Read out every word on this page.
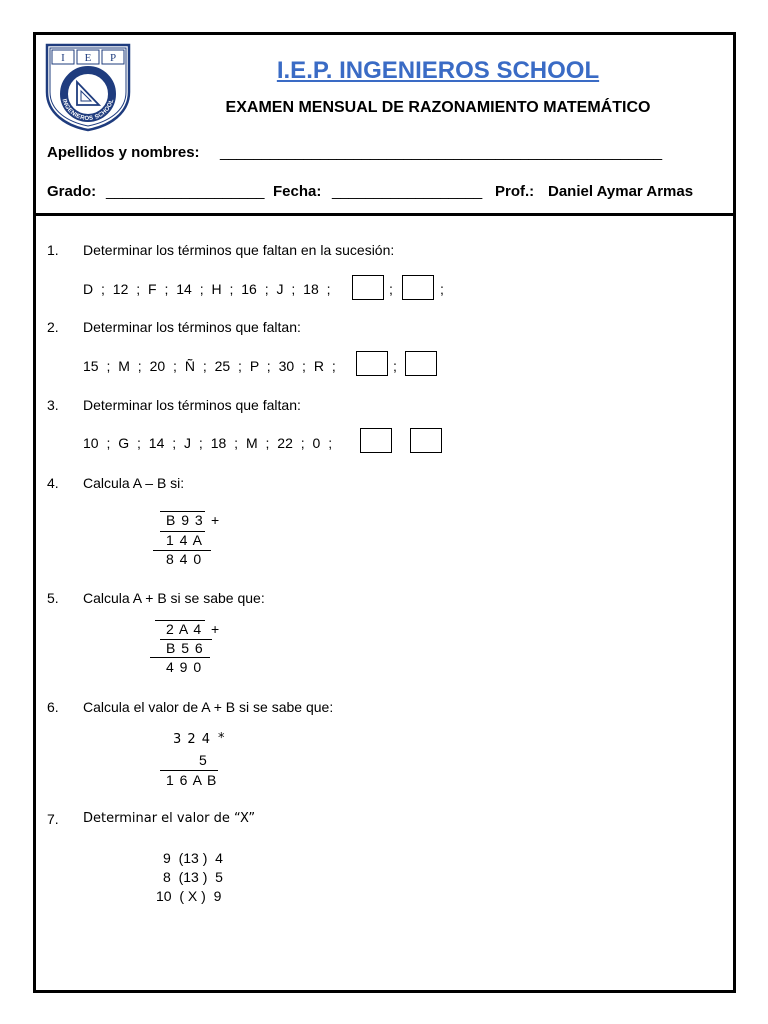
I E P
INGENIEROS SCHOOL
I.E.P. INGENIEROS SCHOOL
EXAMEN MENSUAL DE RAZONAMIENTO MATEMÁTICO
Apellidos y nombres: _____________________________________________________
Grado: ___________________ Fecha: __________________ Prof.: Daniel Aymar Armas
1. Determinar los términos que faltan en la sucesión:
D ; 12 ; F ; 14 ; H ; 16 ; J ; 18 ;	;	;
2. Determinar los términos que faltan:
15 ; M ; 20 ; Ñ ; 25 ; P ; 30 ; R ;	;
3. Determinar los términos que faltan:
10 ; G ; 14 ; J ; 18 ; M ; 22 ; 0 ;
4. Calcula A – B si:
B 9 3 +
1 4 A
8 4 0
5. Calcula A + B si se sabe que:
2 A 4 +
B 5 6
4 9 0
6. Calcula el valor de A + B si se sabe que:
3 2 4 *
5
1 6 A B
7. Determinar el valor de “X”
9  (13 )  4
8  (13 )  5
10  ( X )  9
